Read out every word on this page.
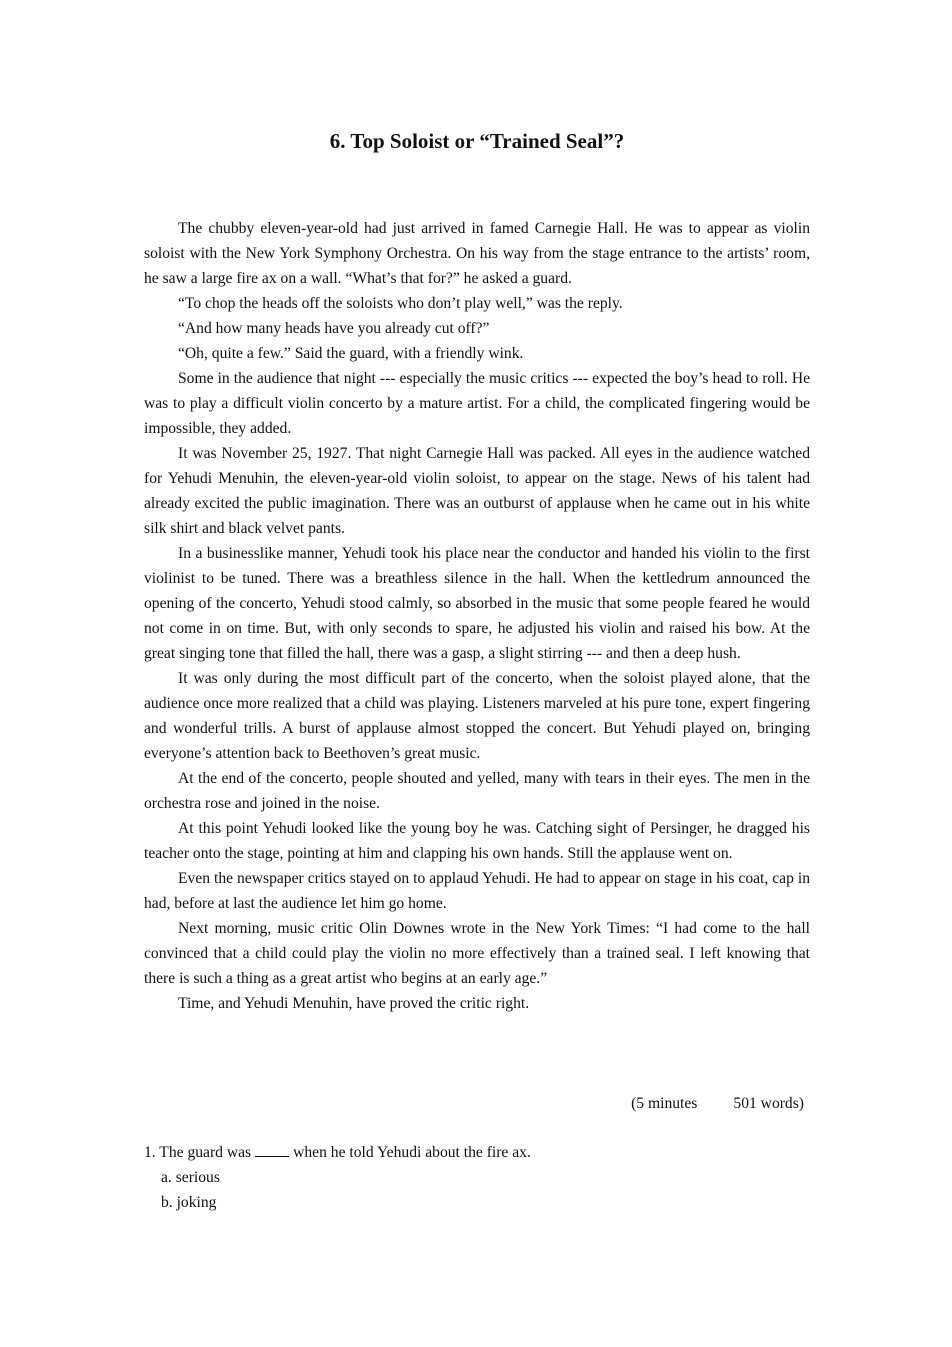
6. Top Soloist or “Trained Seal”?

The chubby eleven-year-old had just arrived in famed Carnegie Hall. He was to appear as violin soloist with the New York Symphony Orchestra. On his way from the stage entrance to the artists’ room, he saw a large fire ax on a wall. “What’s that for?” he asked a guard.

“To chop the heads off the soloists who don’t play well,” was the reply.

“And how many heads have you already cut off?”

“Oh, quite a few.” Said the guard, with a friendly wink.

Some in the audience that night --- especially the music critics --- expected the boy’s head to roll. He was to play a difficult violin concerto by a mature artist. For a child, the complicated fingering would be impossible, they added.

It was November 25, 1927. That night Carnegie Hall was packed. All eyes in the audience watched for Yehudi Menuhin, the eleven-year-old violin soloist, to appear on the stage. News of his talent had already excited the public imagination. There was an outburst of applause when he came out in his white silk shirt and black velvet pants.

In a businesslike manner, Yehudi took his place near the conductor and handed his violin to the first violinist to be tuned. There was a breathless silence in the hall. When the kettledrum announced the opening of the concerto, Yehudi stood calmly, so absorbed in the music that some people feared he would not come in on time. But, with only seconds to spare, he adjusted his violin and raised his bow. At the great singing tone that filled the hall, there was a gasp, a slight stirring --- and then a deep hush.

It was only during the most difficult part of the concerto, when the soloist played alone, that the audience once more realized that a child was playing. Listeners marveled at his pure tone, expert fingering and wonderful trills. A burst of applause almost stopped the concert. But Yehudi played on, bringing everyone’s attention back to Beethoven’s great music.

At the end of the concerto, people shouted and yelled, many with tears in their eyes. The men in the orchestra rose and joined in the noise.

At this point Yehudi looked like the young boy he was. Catching sight of Persinger, he dragged his teacher onto the stage, pointing at him and clapping his own hands. Still the applause went on.

Even the newspaper critics stayed on to applaud Yehudi. He had to appear on stage in his coat, cap in had, before at last the audience let him go home.

Next morning, music critic Olin Downes wrote in the New York Times: “I had come to the hall convinced that a child could play the violin no more effectively than a trained seal. I left knowing that there is such a thing as a great artist who begins at an early age.”

Time, and Yehudi Menuhin, have proved the critic right.

(5 minutes 501 words)

1. The guard was	when he told Yehudi about the fire ax.

a. serious
b. joking
